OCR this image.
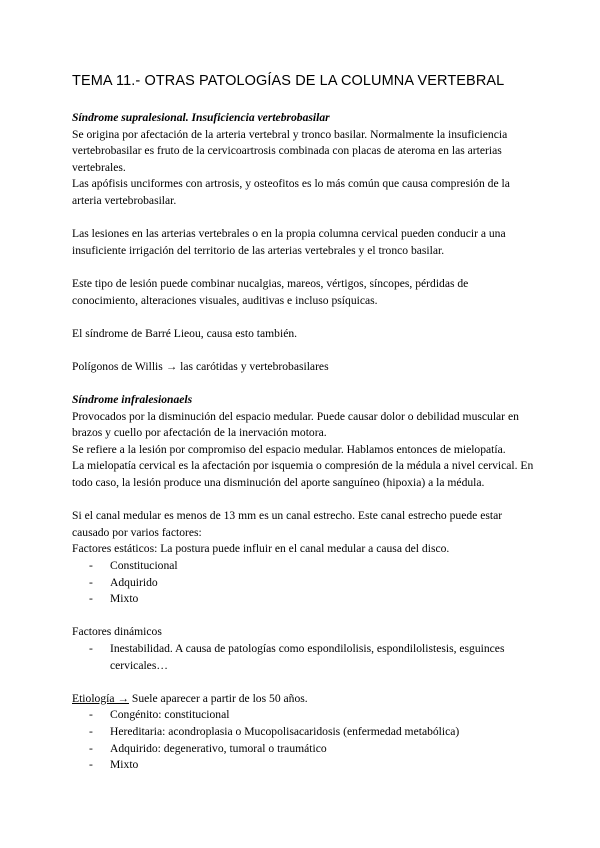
TEMA 11.- OTRAS PATOLOGÍAS DE LA COLUMNA VERTEBRAL

Síndrome supralesional. Insuficiencia vertebrobasilar

Se origina por afectación de la arteria vertebral y tronco basilar. Normalmente la insuficiencia vertebrobasilar es fruto de la cervicoartrosis combinada con placas de ateroma en las arterias vertebrales.

Las apófisis unciformes con artrosis, y osteofitos es lo más común que causa compresión de la arteria vertebrobasilar.

Las lesiones en las arterias vertebrales o en la propia columna cervical pueden conducir a una insuficiente irrigación del territorio de las arterias vertebrales y el tronco basilar.

Este tipo de lesión puede combinar nucalgias, mareos, vértigos, síncopes, pérdidas de conocimiento, alteraciones visuales, auditivas e incluso psíquicas.

El síndrome de Barré Lieou, causa esto también.

Polígonos de Willis → las carótidas y vertebrobasilares

Síndrome infralesionaels

Provocados por la disminución del espacio medular. Puede causar dolor o debilidad muscular en brazos y cuello por afectación de la inervación motora.

Se refiere a la lesión por compromiso del espacio medular. Hablamos entonces de mielopatía.

La mielopatía cervical es la afectación por isquemia o compresión de la médula a nivel cervical. En todo caso, la lesión produce una disminución del aporte sanguíneo (hipoxia) a la médula.

Si el canal medular es menos de 13 mm es un canal estrecho. Este canal estrecho puede estar causado por varios factores:

Factores estáticos: La postura puede influir en el canal medular a causa del disco.

- Constitucional
- Adquirido
- Mixto

Factores dinámicos

- Inestabilidad. A causa de patologías como espondilolisis, espondilolistesis, esguinces cervicales…

Etiología → Suele aparecer a partir de los 50 años.

- Congénito: constitucional
- Hereditaria: acondroplasia o Mucopolisacaridosis (enfermedad metabólica)
- Adquirido: degenerativo, tumoral o traumático
- Mixto
